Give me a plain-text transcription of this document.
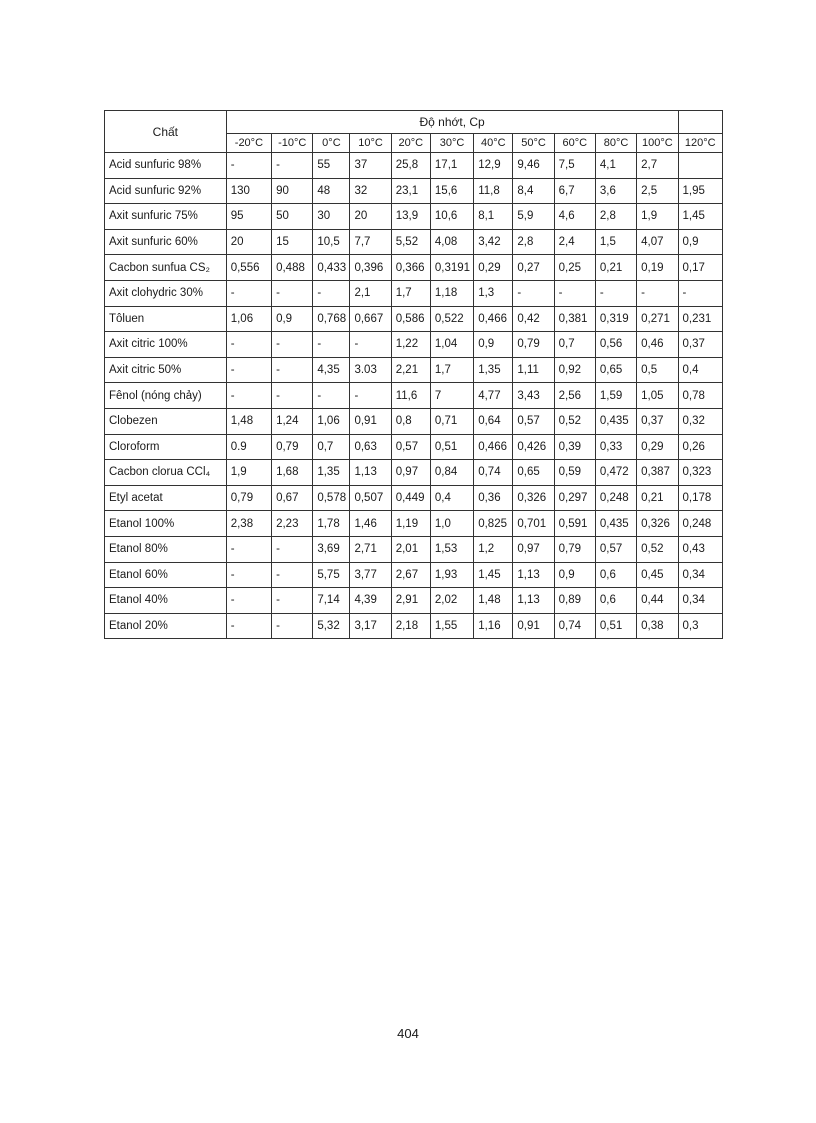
Chất	Độ nhớt, Cp											
	-20°C	-10°C	0°C	10°C	20°C	30°C	40°C	50°C	60°C	80°C	100°C	120°C
Acid sunfuric 98%	-	-	55	37	25,8	17,1	12,9	9,46	7,5	4,1	2,7	
Acid sunfuric 92%	130	90	48	32	23,1	15,6	11,8	8,4	6,7	3,6	2,5	1,95
Axit sunfuric 75%	95	50	30	20	13,9	10,6	8,1	5,9	4,6	2,8	1,9	1,45
Axit sunfuric 60%	20	15	10,5	7,7	5,52	4,08	3,42	2,8	2,4	1,5	4,07	0,9
Cacbon sunfua CS₂	0,556	0,488	0,433	0,396	0,366	0,3191	0,29	0,27	0,25	0,21	0,19	0,17
Axit clohydric 30%	-	-	-	2,1	1,7	1,18	1,3	-	-	-	-	-
Tôluen	1,06	0,9	0,768	0,667	0,586	0,522	0,466	0,42	0,381	0,319	0,271	0,231
Axit citric 100%	-	-	-	-	1,22	1,04	0,9	0,79	0,7	0,56	0,46	0,37
Axit citric 50%	-	-	4,35	3.03	2,21	1,7	1,35	1,11	0,92	0,65	0,5	0,4
Fênol (nóng chảy)	-	-	-	-	11,6	7	4,77	3,43	2,56	1,59	1,05	0,78
Clobezen	1,48	1,24	1,06	0,91	0,8	0,71	0,64	0,57	0,52	0,435	0,37	0,32
Cloroform	0.9	0,79	0,7	0,63	0,57	0,51	0,466	0,426	0,39	0,33	0,29	0,26
Cacbon clorua CCl₄	1,9	1,68	1,35	1,13	0,97	0,84	0,74	0,65	0,59	0,472	0,387	0,323
Etyl acetat	0,79	0,67	0,578	0,507	0,449	0,4	0,36	0,326	0,297	0,248	0,21	0,178
Etanol 100%	2,38	2,23	1,78	1,46	1,19	1,0	0,825	0,701	0,591	0,435	0,326	0,248
Etanol 80%	-	-	3,69	2,71	2,01	1,53	1,2	0,97	0,79	0,57	0,52	0,43
Etanol 60%	-	-	5,75	3,77	2,67	1,93	1,45	1,13	0,9	0,6	0,45	0,34
Etanol 40%	-	-	7,14	4,39	2,91	2,02	1,48	1,13	0,89	0,6	0,44	0,34
Etanol 20%	-	-	5,32	3,17	2,18	1,55	1,16	0,91	0,74	0,51	0,38	0,3
404
